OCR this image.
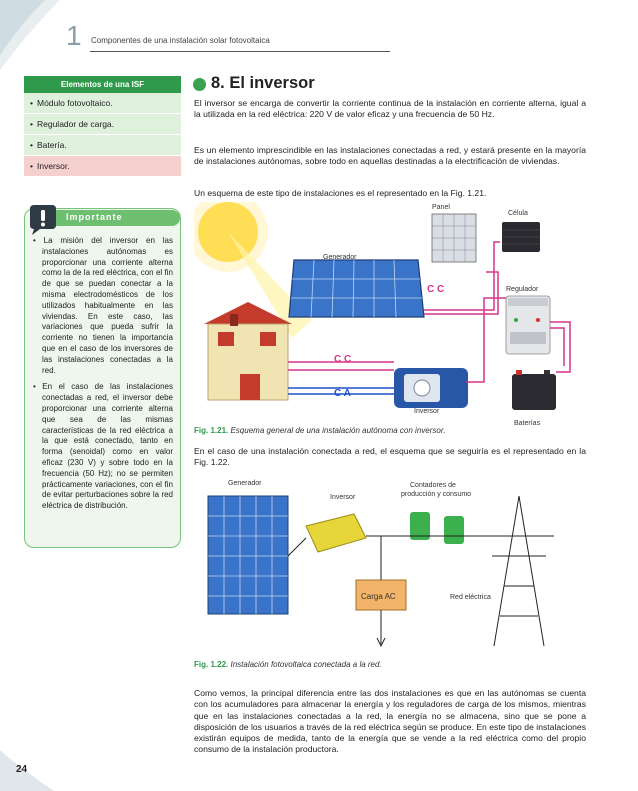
1 Componentes de una instalación solar fotovoltaica
Elementos de una ISF
• Módulo fotovoltaico.
• Regulador de carga.
• Batería.
• Inversor.
Importante

• La misión del inversor en las instalaciones autónomas es proporcionar una corriente alterna como la de la red eléctrica, con el fin de que se puedan conectar a la misma electrodomésticos de los utilizados habitualmente en las viviendas. En este caso, las variaciones que pueda sufrir la corriente no tienen la importancia que en el caso de los inversores de las instalaciones conectadas a la red.

• En el caso de las instalaciones conectadas a red, el inversor debe proporcionar una corriente alterna que sea de las mismas características de la red eléctrica a la que está conectado, tanto en forma (senoidal) como en valor eficaz (230 V) y sobre todo en la frecuencia (50 Hz); no se permiten prácticamente variaciones, con el fin de evitar perturbaciones sobre la red eléctrica de distribución.

8. El inversor
El inversor se encarga de convertir la corriente continua de la instalación en corriente alterna, igual a la utilizada en la red eléctrica: 220 V de valor eficaz y una frecuencia de 50 Hz.
Es un elemento imprescindible en las instalaciones conectadas a red, y estará presente en la mayoría de instalaciones autónomas, sobre todo en aquellas destinadas a la electrificación de viviendas.
Un esquema de este tipo de instalaciones es el representado en la Fig. 1.21.
Panel
Célula
Generador
Regulador
C C
C C
C A
Inversor
Baterías
Fig. 1.21. Esquema general de una instalación autónoma con inversor.
En el caso de una instalación conectada a red, el esquema que se seguiría es el representado en la Fig. 1.22.
Generador
Inversor
Contadores de
producción y consumo
Carga AC	Red eléctrica
Fig. 1.22. Instalación fotovoltaica conectada a la red.
Como vemos, la principal diferencia entre las dos instalaciones es que en las autónomas se cuenta con los acumuladores para almacenar la energía y los reguladores de carga de los mismos, mientras que en las instalaciones conectadas a la red, la energía no se almacena, sino que se pone a disposición de los usuarios a través de la red eléctrica según se produce. En este tipo de instalaciones existirán equipos de medida, tanto de la energía que se vende a la red eléctrica como del propio consumo de la instalación productora.
24
